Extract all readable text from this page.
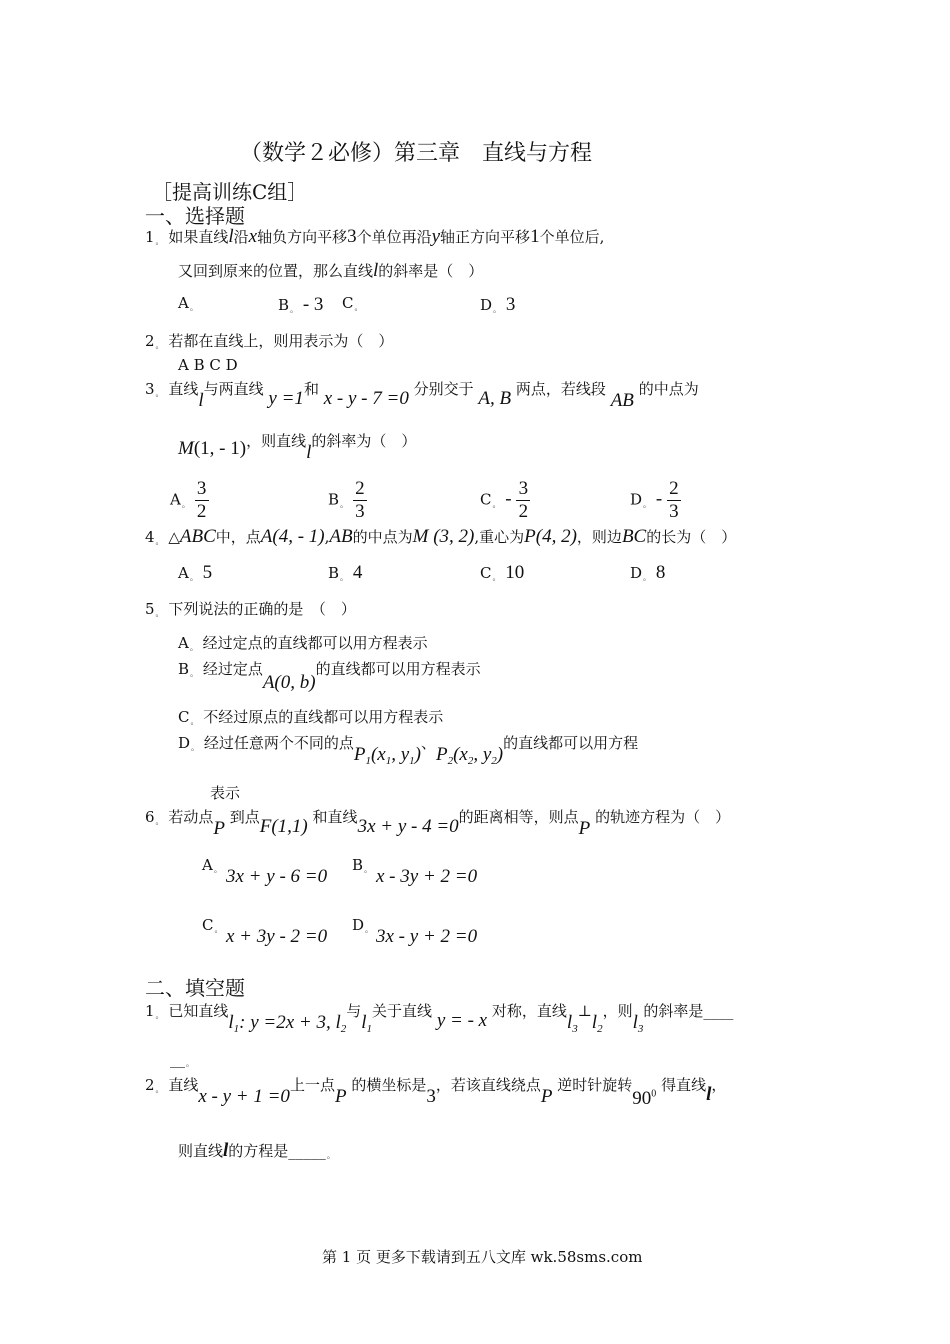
（数学２必修）第三章　直线与方程
［提高训练C组］
一、选择题
1。 如果直线l沿x轴负方向平移3个单位再沿y轴正方向平移1个单位后,
又回到原来的位置，那么直线l的斜率是（　）
A。	B。 - 3 C。	D。 3
2。 若都在直线上，则用表示为（　）
A B C D
3。 直线l与两直线 y =1和 x - y - 7 =0 分别交于 A, B 两点，若线段 AB 的中点为
M(1, - 1)，则直线l的斜率为（　）
A。 $\frac{3}{2}$	B。 $\frac{2}{3}$	C。 - $\frac{3}{2}$	D。 - $\frac{2}{3}$
4。 △ABC中，点A(4, - 1),AB的中点为M (3, 2),重心为P(4, 2)，则边BC的长为（　）
A。 5	B。 4	C。 10	D。 8
5。 下列说法的正确的是　（　）
A。 经过定点的直线都可以用方程表示
B。 经过定点A(0, b)的直线都可以用方程表示
C。 不经过原点的直线都可以用方程表示
D。 经过任意两个不同的点$P_1(x_1$, $y_1$)、$P_2(x_2$, $y_2$)的直线都可以用方程
表示
6。 若动点P 到点F(1,1) 和直线3x + y - 4 =0的距离相等，则点P 的轨迹方程为（　）
A。 3x + y - 6 =0
B。 x - 3y + 2 =0
C。 x + 3y - 2 =0
D。 3x - y + 2 =0
二、填空题
1。 已知直线$l_1$: y =2x + 3, $l_2$与$l_1$关于直线 y = - x 对称，直线$l_3\perp l_2$，则$l_3$的斜率是____
__。
2。 直线x - y + 1 =0上一点P 的横坐标是3，若该直线绕点P 逆时针旋转$90^0$ 得直线l，
则直线l的方程是_____。
第 1 页 更多下载请到五八文库 wk.58sms.com
